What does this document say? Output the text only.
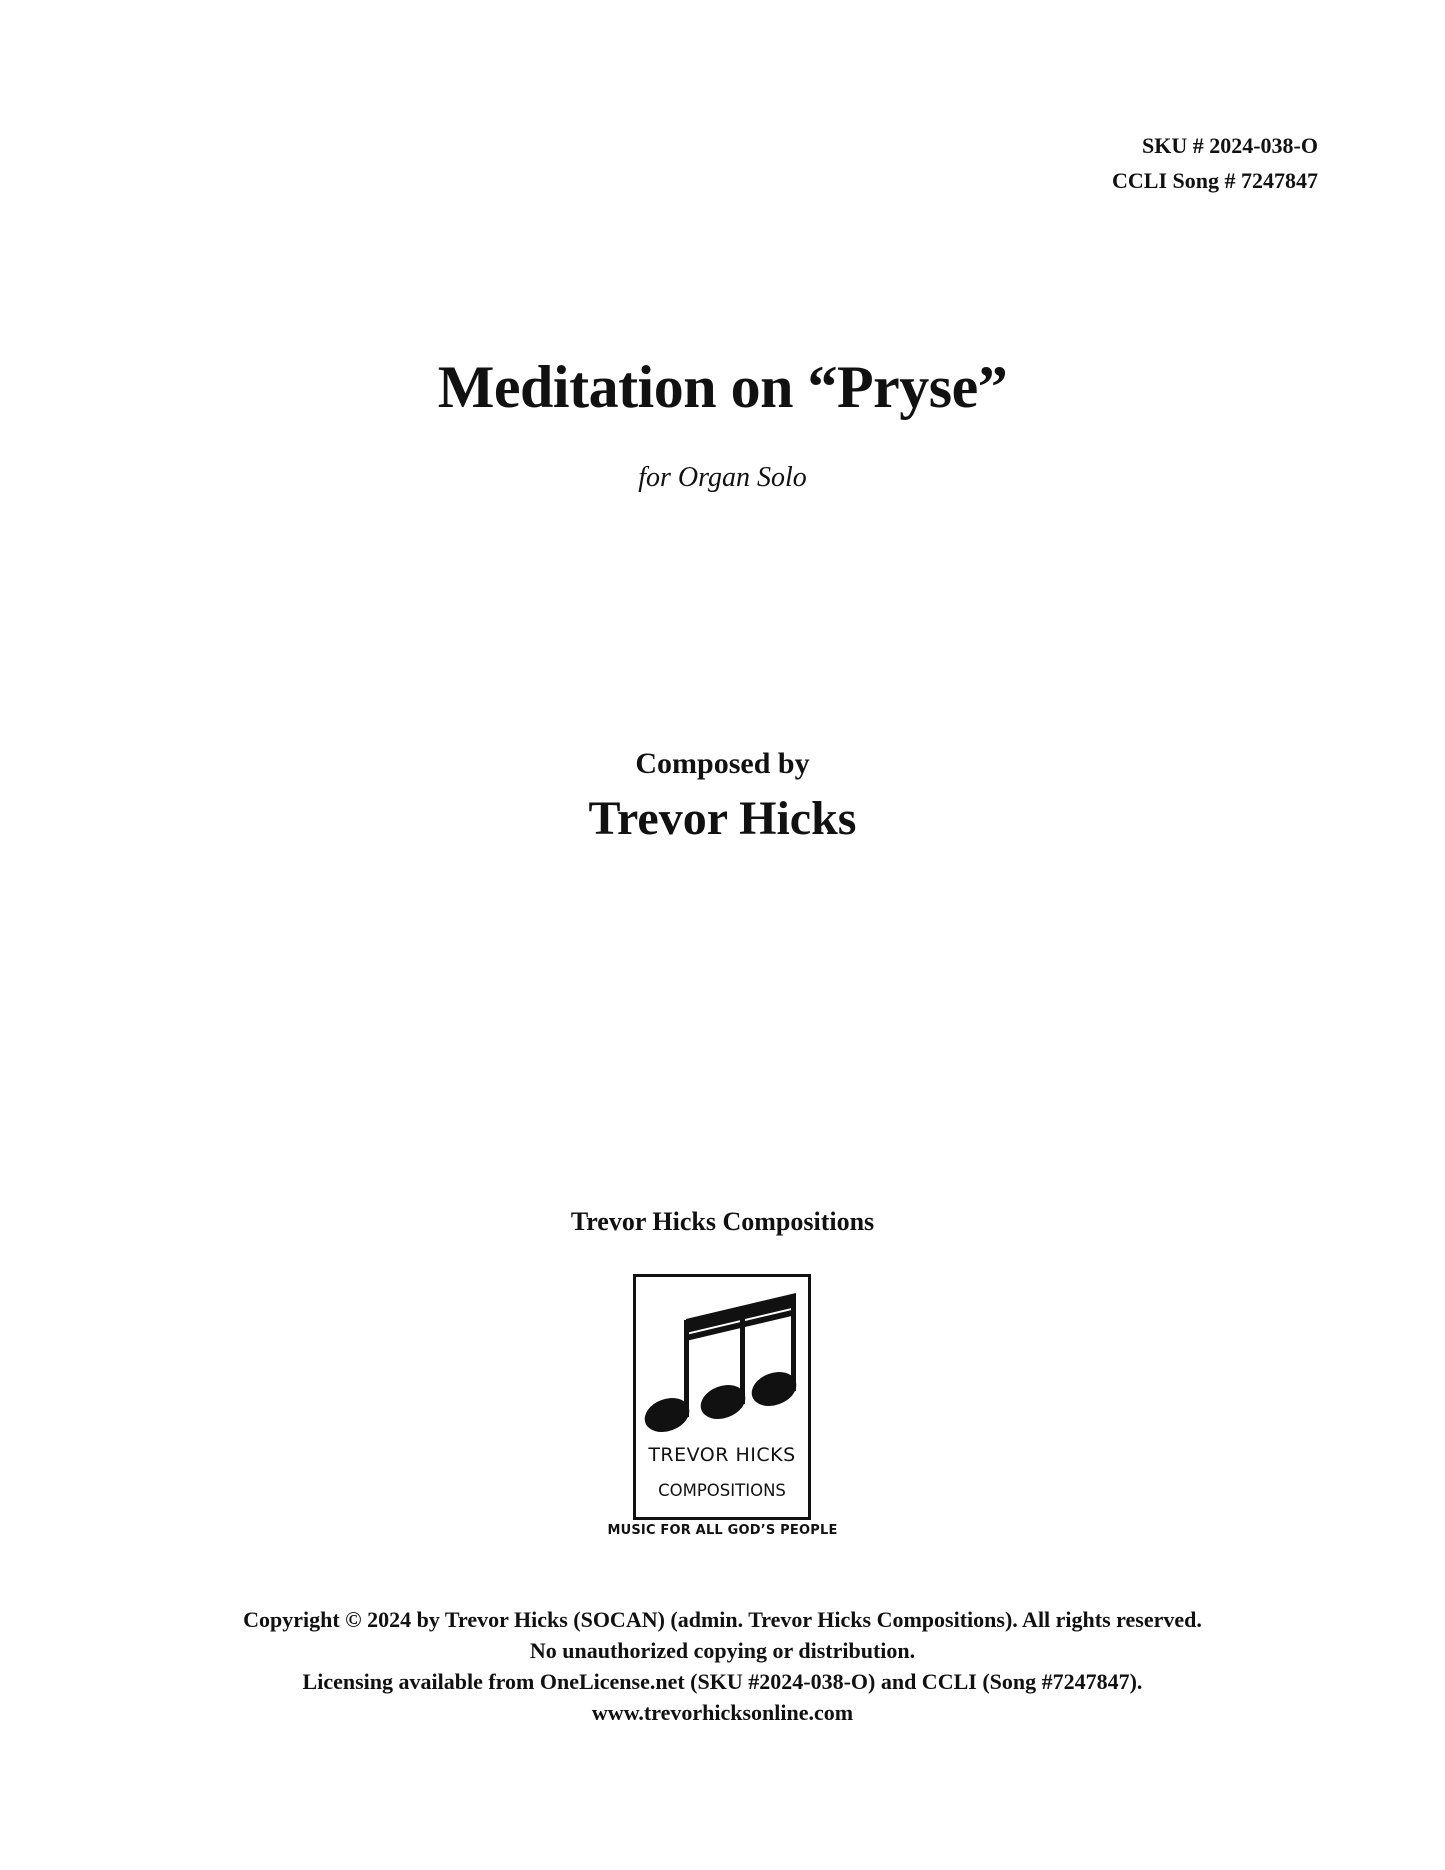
SKU # 2024-038-O
CCLI Song # 7247847
Meditation on “Pryse”
for Organ Solo
Composed by
Trevor Hicks
Trevor Hicks Compositions
TREVOR HICKS
COMPOSITIONS
MUSIC FOR ALL GOD’S PEOPLE
Copyright © 2024 by Trevor Hicks (SOCAN) (admin. Trevor Hicks Compositions). All rights reserved.
No unauthorized copying or distribution.
Licensing available from OneLicense.net (SKU #2024-038-O) and CCLI (Song #7247847).
www.trevorhicksonline.com
